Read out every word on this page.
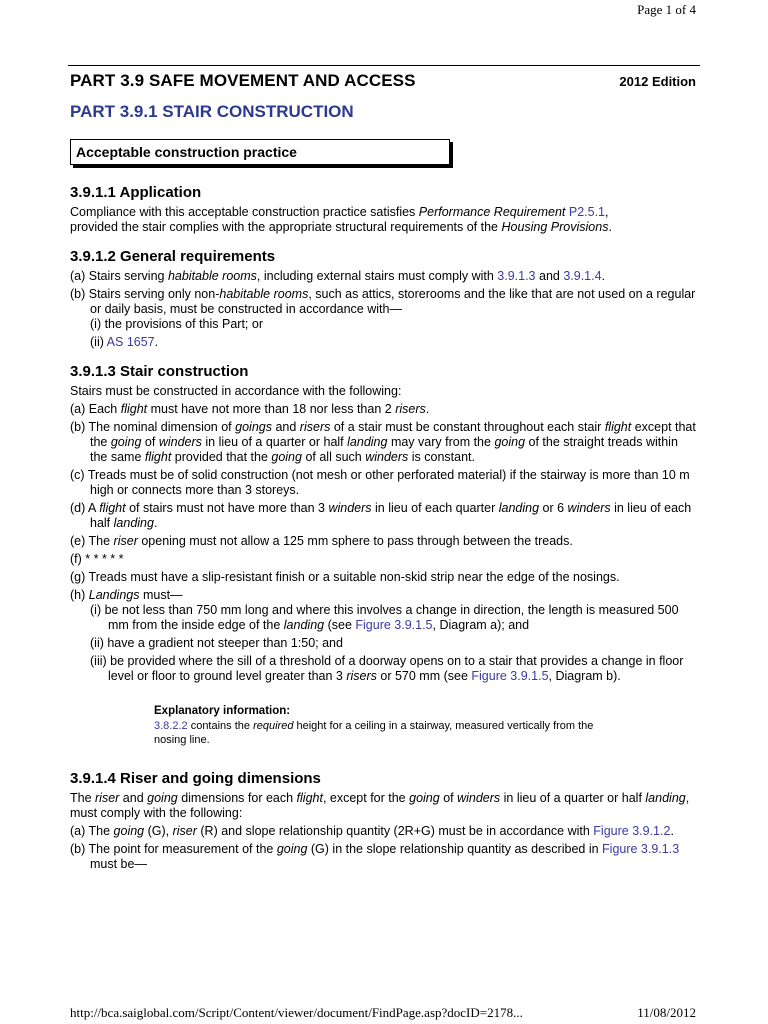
Page 1 of 4
PART 3.9 SAFE MOVEMENT AND ACCESS	2012 Edition
PART 3.9.1 STAIR CONSTRUCTION
Acceptable construction practice
3.9.1.1 Application

Compliance with this acceptable construction practice satisfies Performance Requirement P2.5.1,
provided the stair complies with the appropriate structural requirements of the Housing Provisions.

3.9.1.2 General requirements

(a) Stairs serving habitable rooms, including external stairs must comply with 3.9.1.3 and 3.9.1.4.

(b) Stairs serving only non-habitable rooms, such as attics, storerooms and the like that are not used on a regular or daily basis, must be constructed in accordance with—

(i) the provisions of this Part; or

(ii) AS 1657.

3.9.1.3 Stair construction

Stairs must be constructed in accordance with the following:

(a) Each flight must have not more than 18 nor less than 2 risers.

(b) The nominal dimension of goings and risers of a stair must be constant throughout each stair flight except that the going of winders in lieu of a quarter or half landing may vary from the going of the straight treads within the same flight provided that the going of all such winders is constant.

(c) Treads must be of solid construction (not mesh or other perforated material) if the stairway is more than 10 m high or connects more than 3 storeys.

(d) A flight of stairs must not have more than 3 winders in lieu of each quarter landing or 6 winders in lieu of each half landing.

(e) The riser opening must not allow a 125 mm sphere to pass through between the treads.

(f) * * * * *

(g) Treads must have a slip-resistant finish or a suitable non-skid strip near the edge of the nosings.

(h) Landings must—

(i) be not less than 750 mm long and where this involves a change in direction, the length is measured 500 mm from the inside edge of the landing (see Figure 3.9.1.5, Diagram a); and

(ii) have a gradient not steeper than 1:50; and

(iii) be provided where the sill of a threshold of a doorway opens on to a stair that provides a change in floor level or floor to ground level greater than 3 risers or 570 mm (see Figure 3.9.1.5, Diagram b).

Explanatory information:

3.8.2.2 contains the required height for a ceiling in a stairway, measured vertically from the nosing line.

3.9.1.4 Riser and going dimensions

The riser and going dimensions for each flight, except for the going of winders in lieu of a quarter or half landing, must comply with the following:

(a) The going (G), riser (R) and slope relationship quantity (2R+G) must be in accordance with Figure 3.9.1.2.

(b) The point for measurement of the going (G) in the slope relationship quantity as described in Figure 3.9.1.3 must be—

http://bca.saiglobal.com/Script/Content/viewer/document/FindPage.asp?docID=2178...	11/08/2012
